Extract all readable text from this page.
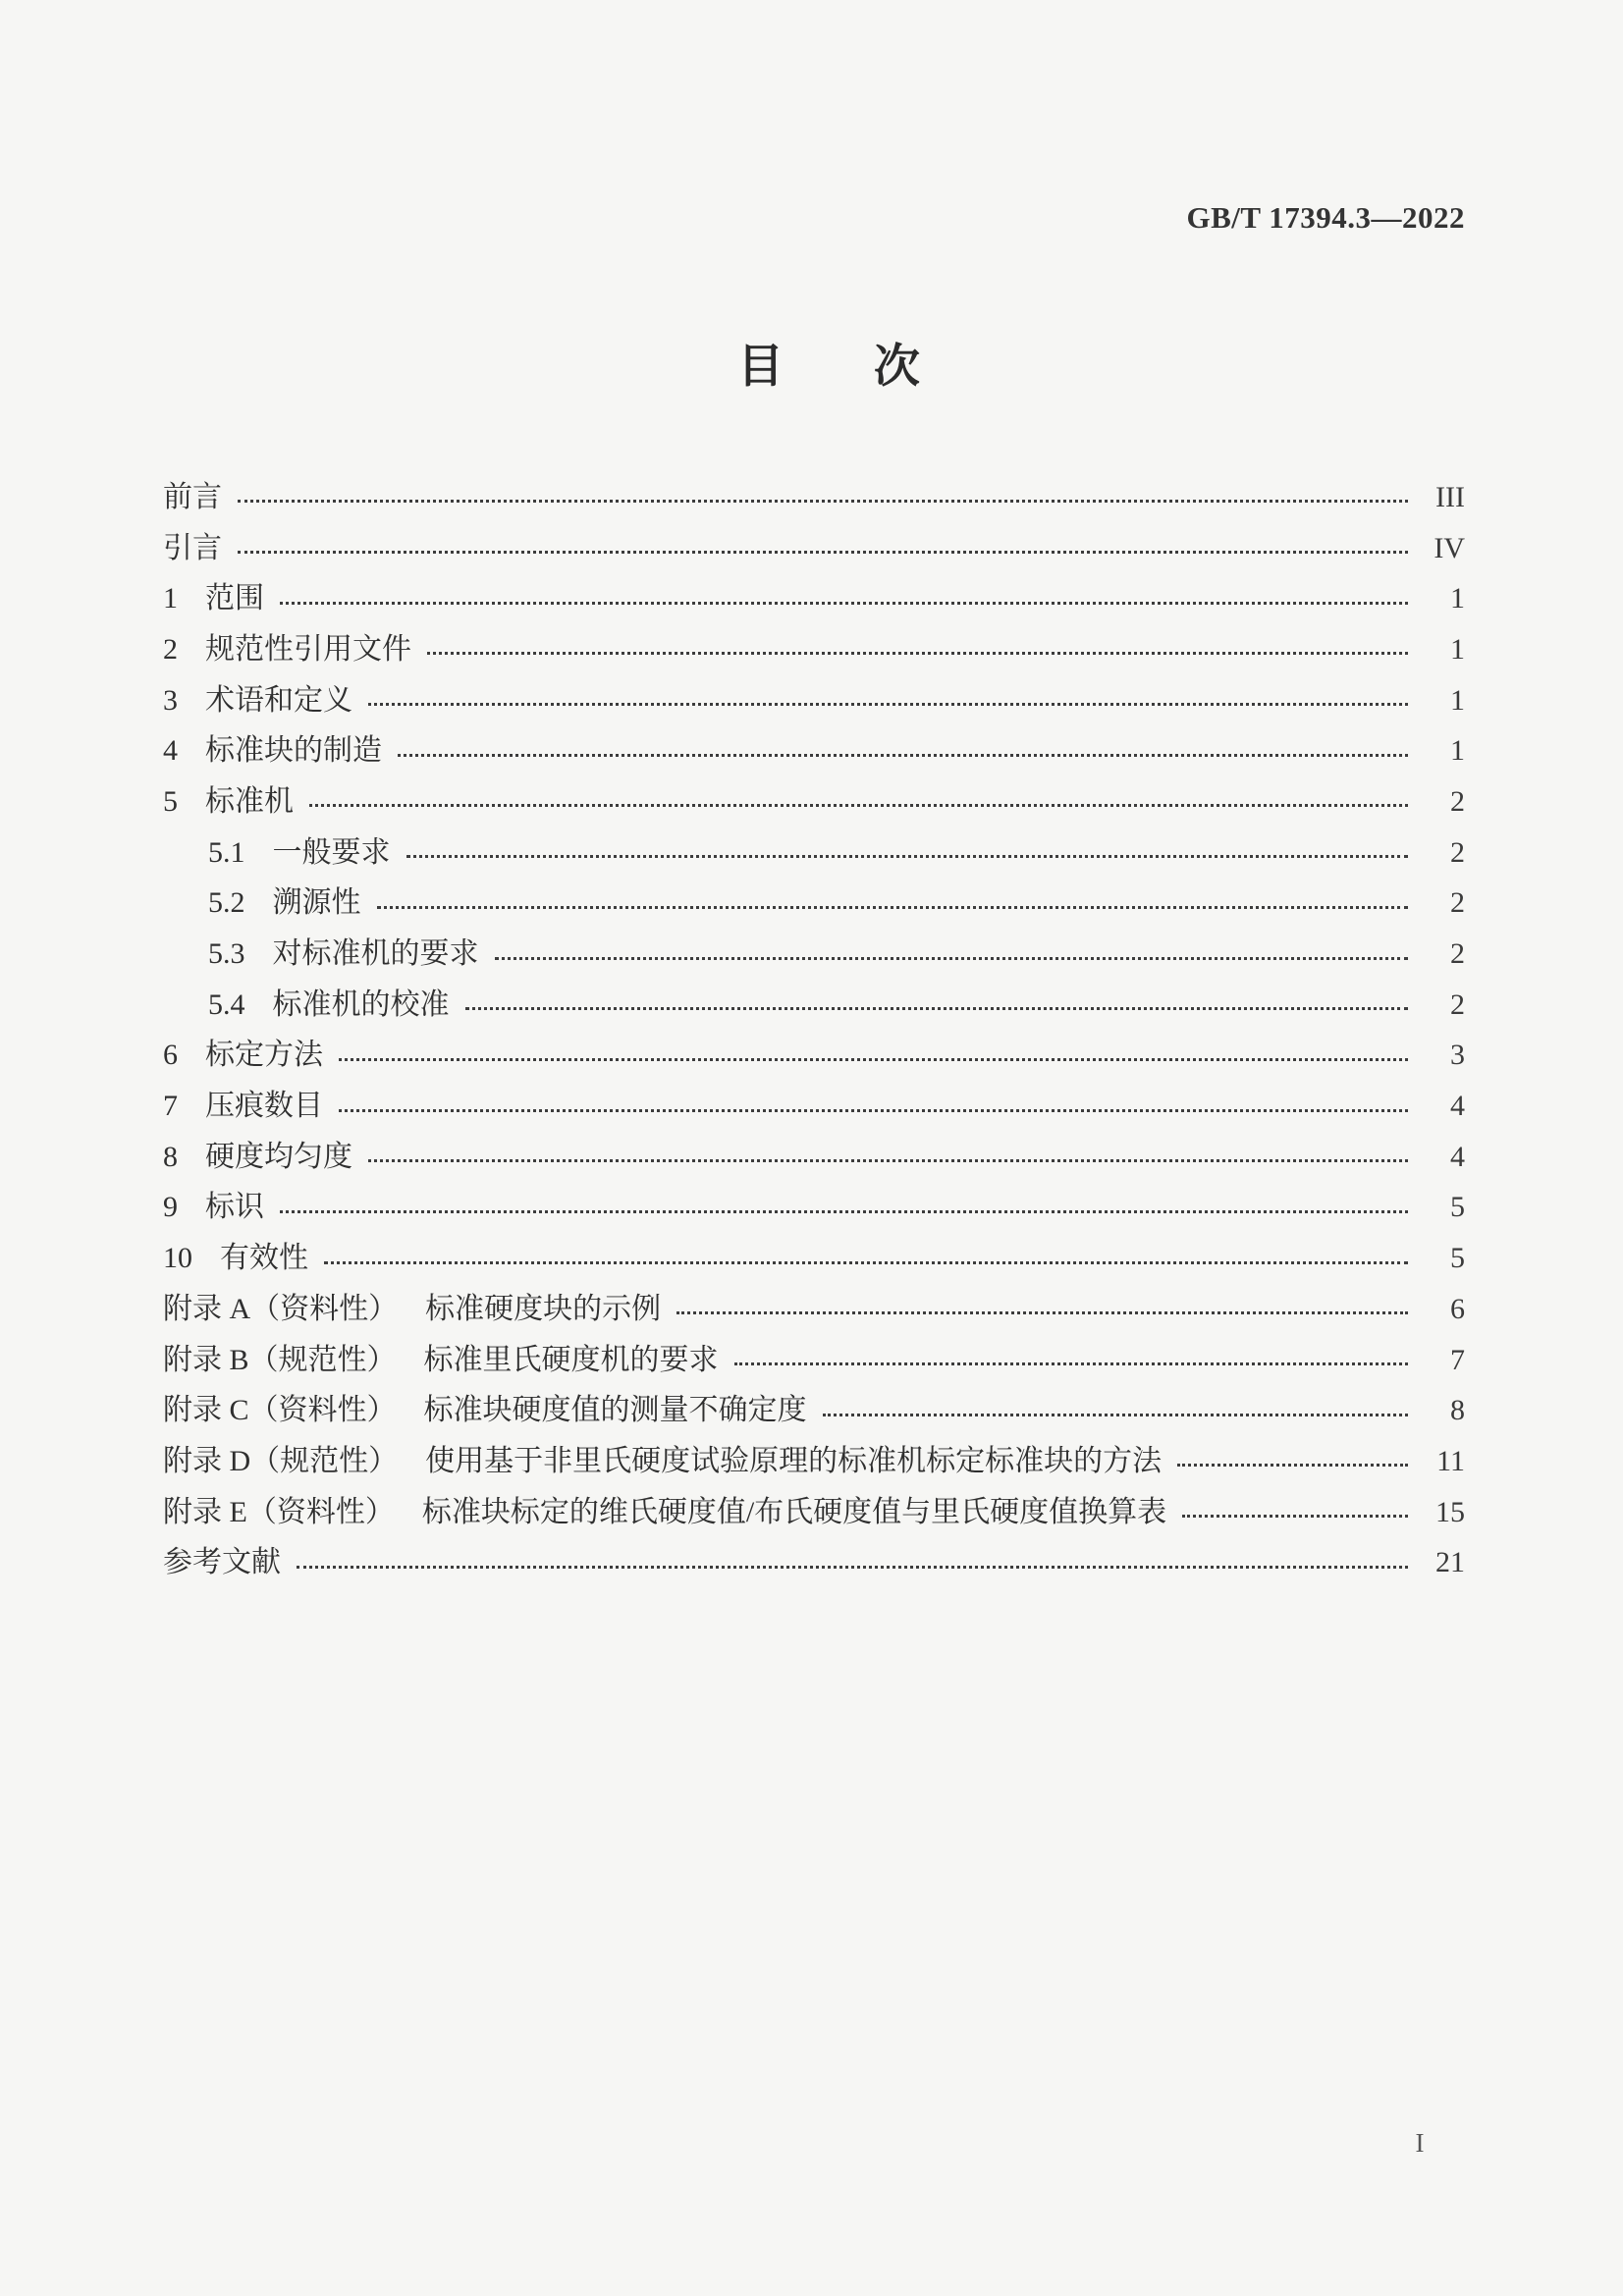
GB/T 17394.3—2022
目 次
前言	III
引言	IV
1 范围	1
2 规范性引用文件	1
3 术语和定义	1
4 标准块的制造	1
5 标准机	2
5.1 一般要求	2
5.2 溯源性	2
5.3 对标准机的要求	2
5.4 标准机的校准	2
6 标定方法	3
7 压痕数目	4
8 硬度均匀度	4
9 标识	5
10 有效性	5
附录 A（资料性） 标准硬度块的示例	6
附录 B（规范性） 标准里氏硬度机的要求	7
附录 C（资料性） 标准块硬度值的测量不确定度	8
附录 D（规范性） 使用基于非里氏硬度试验原理的标准机标定标准块的方法	11
附录 E（资料性） 标准块标定的维氏硬度值/布氏硬度值与里氏硬度值换算表	15
参考文献	21
I
